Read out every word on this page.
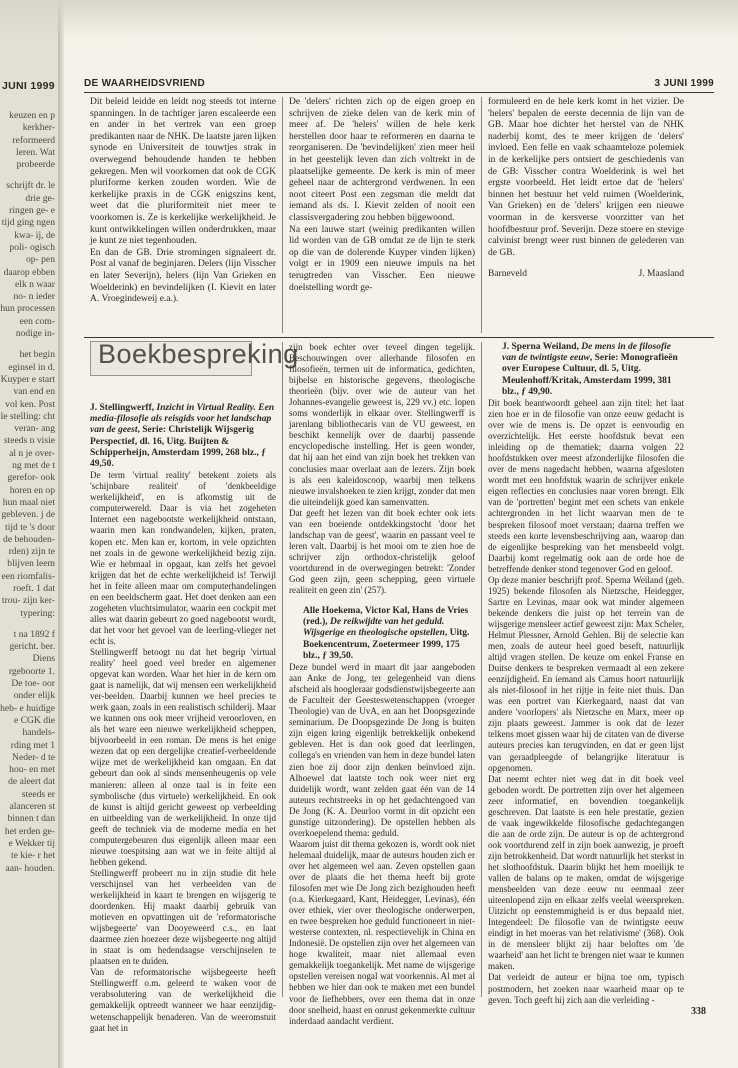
JUNI 1999

keuzen en p kerkher- reformeerd leren. Wat probeerde

schrijft dr. le drie ge- ringen ge- e tijd ging ngen kwa- ij, de poli- ogisch op- pen daarop ebben elk n waar no- n ieder hun processen een com- nodige in-

het begin eginsel in d. Kuyper e start van end en vol ken. Post le stelling: cht veran- ang steeds n visie al n je over- ng met de t gerefor- ook horen en op hun maal niet gebleven. j de tijd te 's door de behouden- rden) zijn te blijven leem een riomfalis- roeft. 1 dat trou- zijn ker- typering:

t na 1892 f gericht. ber. Diens rgeboorte 1. De toe- oor onder elijk heb- e huidige e CGK die handels- rding met 1 Neder- d te hou- en met de aleert dat steeds er alanceren st binnen t dan het erden ge- e Wekker tij te kie- r het aan- houden.

DE WAARHEIDSVRIEND	3 JUNI 1999

Dit beleid leidde en leidt nog steeds tot interne spanningen. In de tachtiger jaren escaleerde een en ander in het vertrek van een groep predikanten naar de NHK. De laatste jaren lijken synode en Universiteit de touwtjes strak in overwegend behoudende handen te hebben gekregen. Men wil voorkomen dat ook de CGK pluriforme kerken zouden worden. Wie de kerkelijke praxis in de CGK enigszins kent, weet dat die pluriformiteit niet meer te voorkomen is. Ze is kerkelijke werkelijkheid. Je kunt ontwikkelingen willen onderdrukken, maar je kunt ze niet tegenhouden.

En dan de GB. Drie stromingen signaleert dr. Post al vanaf de beginjaren. Delers (lijn Visscher en later Severijn), helers (lijn Van Grieken en Woelderink) en bevindelijken (I. Kievit en later A. Vroegindeweij e.a.).

De 'delers' richten zich op de eigen groep en schrijven de zieke delen van de kerk min of meer af. De 'helers' willen de hele kerk herstellen door haar te reformeren en daarna te reorganiseren. De 'bevindelijken' zien meer heil in het geestelijk leven dan zich voltrekt in de plaatselijke gemeente. De kerk is min of meer geheel naar de achtergrond verdwenen. In een noot citeert Post een zegsman die meldt dat iemand als ds. I. Kievit zelden of nooit een classisvergadering zou hebben bijgewoond.

Na een lauwe start (weinig predikanten willen lid worden van de GB omdat ze de lijn te sterk op die van de dolerende Kuyper vinden lijken) volgt er in 1909 een nieuwe impuls na het terugtreden van Visscher. Een nieuwe doelstelling wordt ge-

formuleerd en de hele kerk komt in het vizier. De 'helers' bepalen de eerste decennia de lijn van de GB. Maar hoe dichter het herstel van de NHK naderbij komt, des te meer krijgen de 'delers' invloed. Een felle en vaak schaamteloze polemiek in de kerkelijke pers ontsiert de geschiedenis van de GB: Visscher contra Woelderink is wel het ergste voorbeeld. Het leidt ertoe dat de 'helers' binnen het bestuur het veld ruimen (Woelderink, Van Grieken) en de 'delers' krijgen een nieuwe voorman in de kersverse voorzitter van het hoofdbestuur prof. Severijn. Deze stoere en stevige calvinist brengt weer rust binnen de gelederen van de GB.

Barneveld	J. Maasland
Boekbespreking

J. Stellingwerff, Inzicht in Virtual Reality. Een media-filosofie als reisgids voor het landschap van de geest, Serie: Christelijk Wijsgerig Perspectief, dl. 16, Uitg. Buijten & Schipperheijn, Amsterdam 1999, 268 blz., ƒ 49,50.

De term 'virtual reality' betekent zoiets als 'schijnbare realiteit' of 'denkbeeldige werkelijkheid', en is afkomstig uit de computerwereld. Daar is via het zogeheten Internet een nagebootste werkelijkheid ontstaan, waarin men kan rondwandelen, kijken, praten, kopen etc. Men kan er, kortom, in vele opzichten net zoals in de gewone werkelijkheid bezig zijn. Wie er hebmaal in opgaat, kan zelfs het gevoel krijgen dat het de echte werkelijkheid is! Terwijl het in feite alleen maar om computerhandelingen en een beeldscherm gaat. Het doet denken aan een zogeheten vluchtsimulator, waarin een cockpit met alles wat daarin gebeurt zo goed nagebootst wordt, dat het voor het gevoel van de leerling-vlieger net echt is.

Stellingwerff betoogt nu dat het begrip 'virtual reality' heel goed veel breder en algemener opgevat kan worden. Waar het hier in de kern om gaat is namelijk, dat wij mensen een werkelijkheid ver-beelden. Daarbij kunnen we heel precies te werk gaan, zoals in een realistisch schilderij. Maar we kunnen ons ook meer vrijheid veroorloven, en als het ware een nieuwe werkelijkheid scheppen, bijvoorbeeld in een roman. De mens is het enige wezen dat op een dergelijke creatief-verbeeldende wijze met de werkelijkheid kan omgaan. En dat gebeurt dan ook al sinds mensenheugenis op vele manieren: alleen al onze taal is in feite een symbolische (dus virtuele) werkelijkheid. En ook de kunst is altijd gericht geweest op verbeelding en uitbeelding van de werkelijkheid. In onze tijd geeft de techniek via de moderne media en het computergebeuren dus eigenlijk alleen maar een nieuwe toespitsing aan wat we in feite altijd al hebben gekend.

Stellingwerff probeert nu in zijn studie dit hele verschijnsel van het verbeelden van de werkelijkheid in kaart te brengen en wijsgerig te doordenken. Hij maakt daarbij gebruik van motieven en opvattingen uit de 'reformatorische wijsbegeerte' van Dooyeweerd c.s., en laat daarmee zien hoezeer deze wijsbegeerte nog altijd in staat is om hedendaagse verschijnselen te plaatsen en te duiden.

Van de reformatorische wijsbegeerte heeft Stellingwerff o.m. geleerd te waken voor de verabsolutering van de werkelijkheid die gemakkelijk optreedt wanneer we haar eenzijdig-wetenschappelijk benaderen. Van de weeromstuit gaat het in

zijn boek echter over teveel dingen tegelijk. Beschouwingen over allerhande filosofen en filosofieën, termen uit de informatica, gedichten, bijbelse en historische gegevens, theologische theorieën (bijv. over wie de auteur van het Johannes-evangelie geweest is, 229 vv.) etc. lopen soms wonderlijk in elkaar over. Stellingwerff is jarenlang bibliothecaris van de VU geweest, en beschikt kennelijk over de daarbij passende encyclopedische instelling. Het is geen wonder, dat hij aan het eind van zijn boek het trekken van conclusies maar overlaat aan de lezers. Zijn boek is als een kaleidoscoop, waarbij men telkens nieuwe invalshoeken te zien krijgt, zonder dat men die uiteindelijk goed kan samenvatten.

Dat geeft het lezen van dit boek echter ook iets van een boeiende ontdekkingstocht 'door het landschap van de geest', waarin en passant veel te leren valt. Daarbij is het mooi om te zien hoe de schrijver zijn orthodox-christelijk geloof voortdurend in de overwegingen betrekt: 'Zonder God geen zijn, geen schepping, geen virtuele realiteit en geen zin' (257).

Alle Hoekema, Victor Kal, Hans de Vries (red.), De reikwijdte van het geduld. Wijsgerige en theologische opstellen, Uitg. Boekencentrum, Zoetermeer 1999, 175 blz., ƒ 39,50.

Deze bundel werd in maart dit jaar aangeboden aan Anke de Jong, ter gelegenheid van diens afscheid als hoogleraar godsdienstwijsbegeerte aan de Faculteit der Geesteswetenschappen (vroeger Theologie) van de UvA, en aan het Doopsgezinde seminarium. De Doopsgezinde De Jong is buiten zijn eigen kring eigenlijk betrekkelijk onbekend gebleven. Het is dan ook goed dat leerlingen, collega's en vrienden van hem in deze bundel laten zien hoe zij door zijn denken beïnvloed zijn. Alhoewel dat laatste toch ook weer niet erg duidelijk wordt, want zelden gaat één van de 14 auteurs rechtstreeks in op het gedachtengoed van De Jong (K. A. Deurloo vormt in dit opzicht een gunstige uitzondering). De opstellen hebben als overkoepelend thema: geduld.

Waarom juist dit thema gekozen is, wordt ook niet helemaal duidelijk, maar de auteurs houden zich er over het algemeen wel aan. Zeven opstellen gaan over de plaats die het thema heeft bij grote filosofen met wie De Jong zich bezighouden heeft (o.a. Kierkegaard, Kant, Heidegger, Levinas), één over ethiek, vier over theologische onderwerpen, en twee bespreken hoe geduld functioneert in niet-westerse contexten, nl. respectievelijk in China en Indonesië. De opstellen zijn over het algemeen van hoge kwaliteit, maar niet allemaal even gemakkelijk toegankelijk. Met name de wijsgerige opstellen vereisen nogal wat voorkennis. Al met al hebben we hier dan ook te maken met een bundel voor de liefhebbers, over een thema dat in onze door snelheid, haast en onrust gekenmerkte cultuur inderdaad aandacht verdient.

J. Sperna Weiland, De mens in de filosofie van de twintigste eeuw, Serie: Monografieën over Europese Cultuur, dl. 5, Uitg. Meulenhoff/Kritak, Amsterdam 1999, 381 blz., ƒ 49,90.

Dit boek beantwoordt geheel aan zijn titel: het laat zien hoe er in de filosofie van onze eeuw gedacht is over wie de mens is. De opzet is eenvoudig en overzichtelijk. Het eerste hoofdstuk bevat een inleiding op de thematiek; daarna volgen 22 hoofdstukken over meest afzonderlijke filosofen die over de mens nagedacht hebben, waarna afgesloten wordt met een hoofdstuk waarin de schrijver enkele eigen reflecties en conclusies naar voren brengt. Elk van de 'portretten' begint met een schets van enkele achtergronden in het licht waarvan men de te bespreken filosoof moet verstaan; daarna treffen we steeds een korte levensbeschrijving aan, waarop dan de eigenlijke bespreking van het mensbeeld volgt. Daarbij komt regelmatig ook aan de orde hoe de betreffende denker stond tegenover God en geloof.

Op deze manier beschrijft prof. Sperna Weiland (geb. 1925) bekende filosofen als Nietzsche, Heidegger, Sartre en Levinas, maar ook wat minder algemeen bekende denkers die juist op het terrein van de wijsgerige mensleer actief geweest zijn: Max Scheler, Helmut Plessner, Arnold Gehlen. Bij de selectie kan men, zoals de auteur heel goed beseft, natuurlijk altijd vragen stellen. De keuze om enkel Franse en Duitse denkers te bespreken vermaadt al een zekere eenzijdigheid. En iemand als Camus hoort natuurlijk als niet-filosoof in het rijtje in feite niet thuis. Dan was een portret van Kierkegaard, naast dat van andere 'voorlopers' als Nietzsche en Marx, meer op zijn plaats geweest. Jammer is ook dat de lezer telkens moet gissen waar hij de citaten van de diverse auteurs precies kan terugvinden, en dat er geen lijst van geraadpleegde of belangrijke literatuur is opgenomen.

Dat neemt echter niet weg dat in dit boek veel geboden wordt. De portretten zijn over het algemeen zeer informatief, en bovendien toegankelijk geschreven. Dat laatste is een hele prestatie, gezien de vaak ingewikkelde filosofische gedachtegangen die aan de orde zijn. De auteur is op de achtergrond ook voortdurend zelf in zijn boek aanwezig, je proeft zijn betrokkenheid. Dat wordt natuurlijk het sterkst in het slothoofdstuk. Daarin blijkt het hem moeilijk te vallen de balans op te maken, omdat de wijsgerige mensbeelden van deze eeuw nu eenmaal zeer uiteenlopend zijn en elkaar zelfs veelal weerspreken. Uitzicht op eenstemmigheid is er dus bepaald niet. Integendeel: De filosofie van de twintigste eeuw eindigt in het moeras van het relativisme' (368). Ook in de mensleer blijkt zij haar beloftes om 'de waarheid' aan het licht te brengen niet waar te kunnen maken.

Dat verleidt de auteur er bijna toe om, typisch postmodern, het zoeken naar waarheid maar op te geven. Toch geeft hij zich aan die verleiding -

338
